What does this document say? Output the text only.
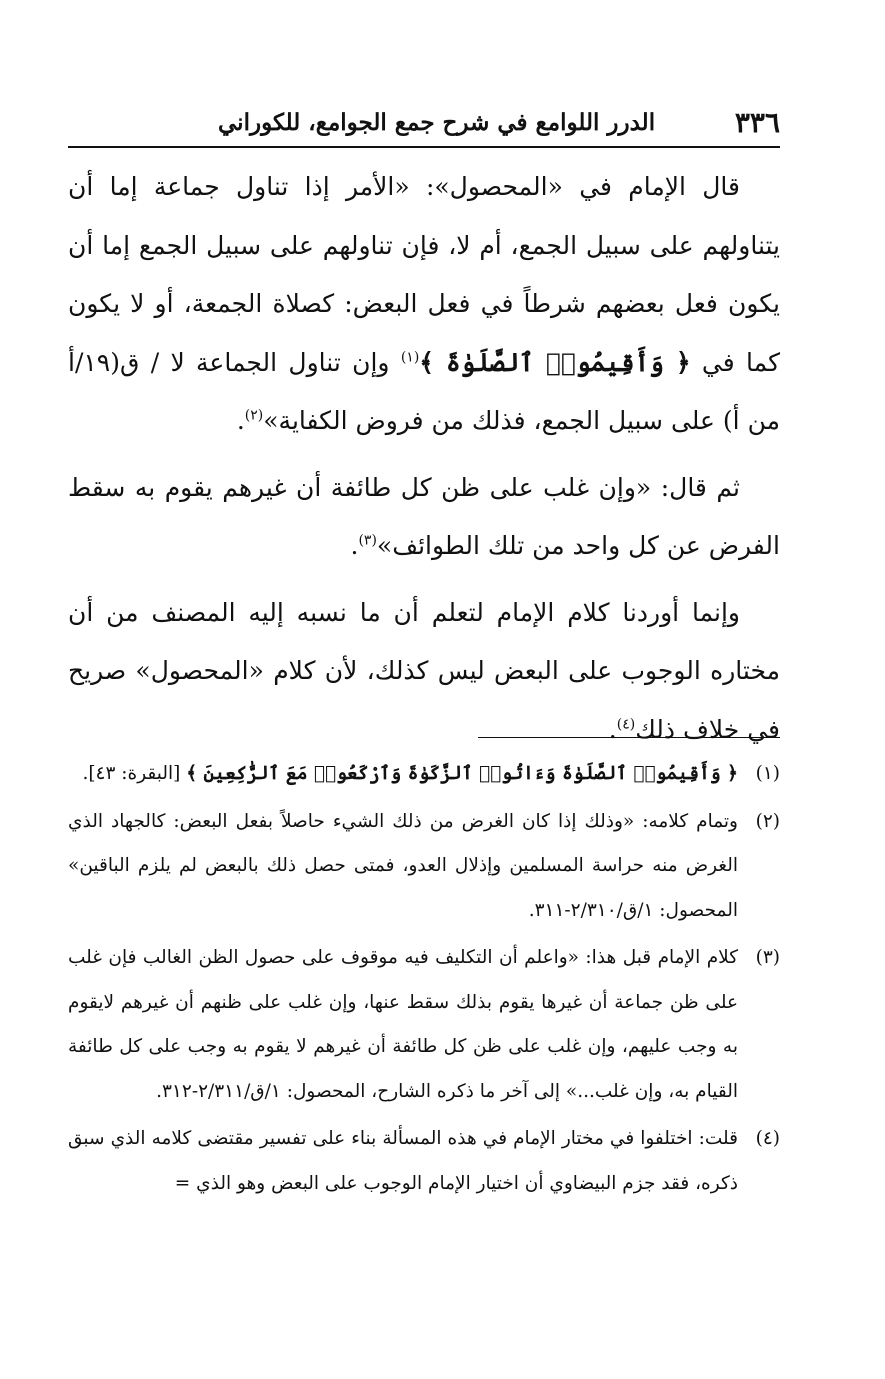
٣٣٦
الدرر اللوامع في شرح جمع الجوامع، للكوراني

قال الإمام في «المحصول»: «الأمر إذا تناول جماعة إما أن يتناولهم على سبيل الجمع، أم لا، فإن تناولهم على سبيل الجمع إما أن يكون فعل بعضهم شرطاً في فعل البعض: كصلاة الجمعة، أو لا يكون كما في ﴿ وَأَقِيمُوا۟ ٱلصَّلَوٰةَ ﴾$^{(١)}$ وإن تناول الجماعة لا / ق(١٩/أ من أ) على سبيل الجمع، فذلك من فروض الكفاية»$^{(٢)}$.

ثم قال: «وإن غلب على ظن كل طائفة أن غيرهم يقوم به سقط الفرض عن كل واحد من تلك الطوائف»$^{(٣)}$.

وإنما أوردنا كلام الإمام لتعلم أن ما نسبه إليه المصنف من أن مختاره الوجوب على البعض ليس كذلك، لأن كلام «المحصول» صريح في خلاف ذلك$^{(٤)}$.

(١)
﴿ وَأَقِيمُوا۟ ٱلصَّلَوٰةَ وَءَاتُوا۟ ٱلزَّكَوٰةَ وَٱرْكَعُوا۟ مَعَ ٱلرَّٰكِعِينَ ﴾ [البقرة: ٤٣].
(٢)
وتمام كلامه: «وذلك إذا كان الغرض من ذلك الشيء حاصلاً بفعل البعض: كالجهاد الذي الغرض منه حراسة المسلمين وإذلال العدو، فمتى حصل ذلك بالبعض لم يلزم الباقين» المحصول: ١/ق/٢/٣١٠-٣١١.
(٣)
كلام الإمام قبل هذا: «واعلم أن التكليف فيه موقوف على حصول الظن الغالب فإن غلب على ظن جماعة أن غيرها يقوم بذلك سقط عنها، وإن غلب على ظنهم أن غيرهم لايقوم به وجب عليهم، وإن غلب على ظن كل طائفة أن غيرهم لا يقوم به وجب على كل طائفة القيام به، وإن غلب...» إلى آخر ما ذكره الشارح، المحصول: ١/ق/٢/٣١١-٣١٢.
(٤)
قلت: اختلفوا في مختار الإمام في هذه المسألة بناء على تفسير مقتضى كلامه الذي سبق ذكره، فقد جزم البيضاوي أن اختيار الإمام الوجوب على البعض وهو الذي =
